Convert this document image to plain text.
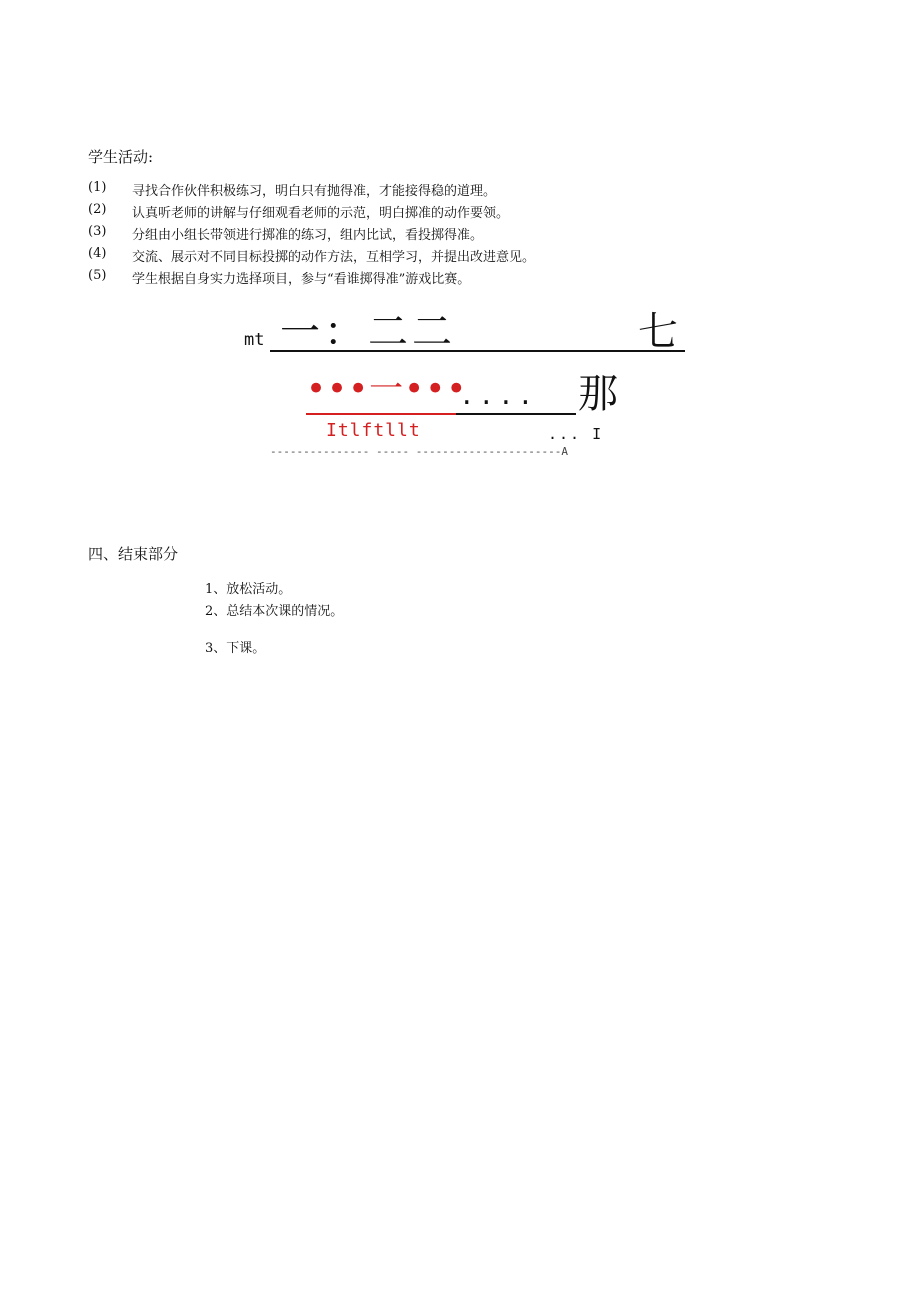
学生活动:
(1)	寻找合作伙伴积极练习，明白只有抛得准，才能接得稳的道理。
(2)	认真听老师的讲解与仔细观看老师的示范，明白掷准的动作要领。
(3)	分组由小组长带领进行掷准的练习，组内比试，看投掷得准。
(4)	交流、展示对不同目标投掷的动作方法，互相学习，并提出改进意见。
(5)	学生根据自身实力选择项目，参与“看谁掷得准”游戏比赛。
mt 一：二二	七
•••一•••
.... 那
Itlftllt	... I
--------------- ----- ----------------------A
四、结束部分
1、放松活动。
2、总结本次课的情况。
3、下课。
